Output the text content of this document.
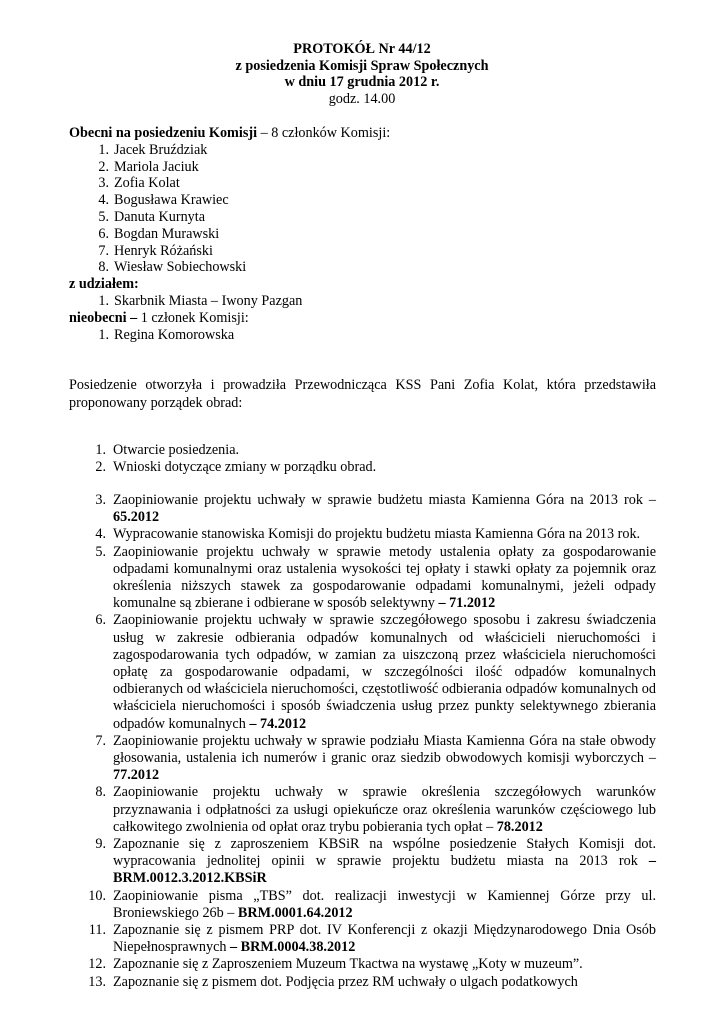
PROTOKÓŁ Nr 44/12
z posiedzenia Komisji Spraw Społecznych
w dniu 17 grudnia 2012 r.
godz. 14.00
Obecni na posiedzeniu Komisji – 8 członków Komisji:
1. Jacek Bruździak
2. Mariola Jaciuk
3. Zofia Kolat
4. Bogusława Krawiec
5. Danuta Kurnyta
6. Bogdan Murawski
7. Henryk Różański
8. Wiesław Sobiechowski
z udziałem:
1. Skarbnik Miasta – Iwony Pazgan
nieobecni – 1 członek Komisji:
1. Regina Komorowska
Posiedzenie otworzyła i prowadziła Przewodnicząca KSS Pani Zofia Kolat, która przedstawiła proponowany porządek obrad:
1. Otwarcie posiedzenia.
2. Wnioski dotyczące zmiany w porządku obrad.
3. Zaopiniowanie projektu uchwały w sprawie budżetu miasta Kamienna Góra na 2013 rok – 65.2012
4. Wypracowanie stanowiska Komisji do projektu budżetu miasta Kamienna Góra na 2013 rok.
5. Zaopiniowanie projektu uchwały w sprawie metody ustalenia opłaty za gospodarowanie odpadami komunalnymi oraz ustalenia wysokości tej opłaty i stawki opłaty za pojemnik oraz określenia niższych stawek za gospodarowanie odpadami komunalnymi, jeżeli odpady komunalne są zbierane i odbierane w sposób selektywny – 71.2012
6. Zaopiniowanie projektu uchwały w sprawie szczegółowego sposobu i zakresu świadczenia usług w zakresie odbierania odpadów komunalnych od właścicieli nieruchomości i zagospodarowania tych odpadów, w zamian za uiszczoną przez właściciela nieruchomości opłatę za gospodarowanie odpadami, w szczególności ilość odpadów komunalnych odbieranych od właściciela nieruchomości, częstotliwość odbierania odpadów komunalnych od właściciela nieruchomości i sposób świadczenia usług przez punkty selektywnego zbierania odpadów komunalnych – 74.2012
7. Zaopiniowanie projektu uchwały w sprawie podziału Miasta Kamienna Góra na stałe obwody głosowania, ustalenia ich numerów i granic oraz siedzib obwodowych komisji wyborczych – 77.2012
8. Zaopiniowanie projektu uchwały w sprawie określenia szczegółowych warunków przyznawania i odpłatności za usługi opiekuńcze oraz określenia warunków częściowego lub całkowitego zwolnienia od opłat oraz trybu pobierania tych opłat – 78.2012
9. Zapoznanie się z zaproszeniem KBSiR na wspólne posiedzenie Stałych Komisji dot. wypracowania jednolitej opinii w sprawie projektu budżetu miasta na 2013 rok – BRM.0012.3.2012.KBSiR
10. Zaopiniowanie pisma „TBS” dot. realizacji inwestycji w Kamiennej Górze przy ul. Broniewskiego 26b – BRM.0001.64.2012
11. Zapoznanie się z pismem PRP dot. IV Konferencji z okazji Międzynarodowego Dnia Osób Niepełnosprawnych – BRM.0004.38.2012
12. Zapoznanie się z Zaproszeniem Muzeum Tkactwa na wystawę „Koty w muzeum”.
13. Zapoznanie się z pismem dot. Podjęcia przez RM uchwały o ulgach podatkowych
